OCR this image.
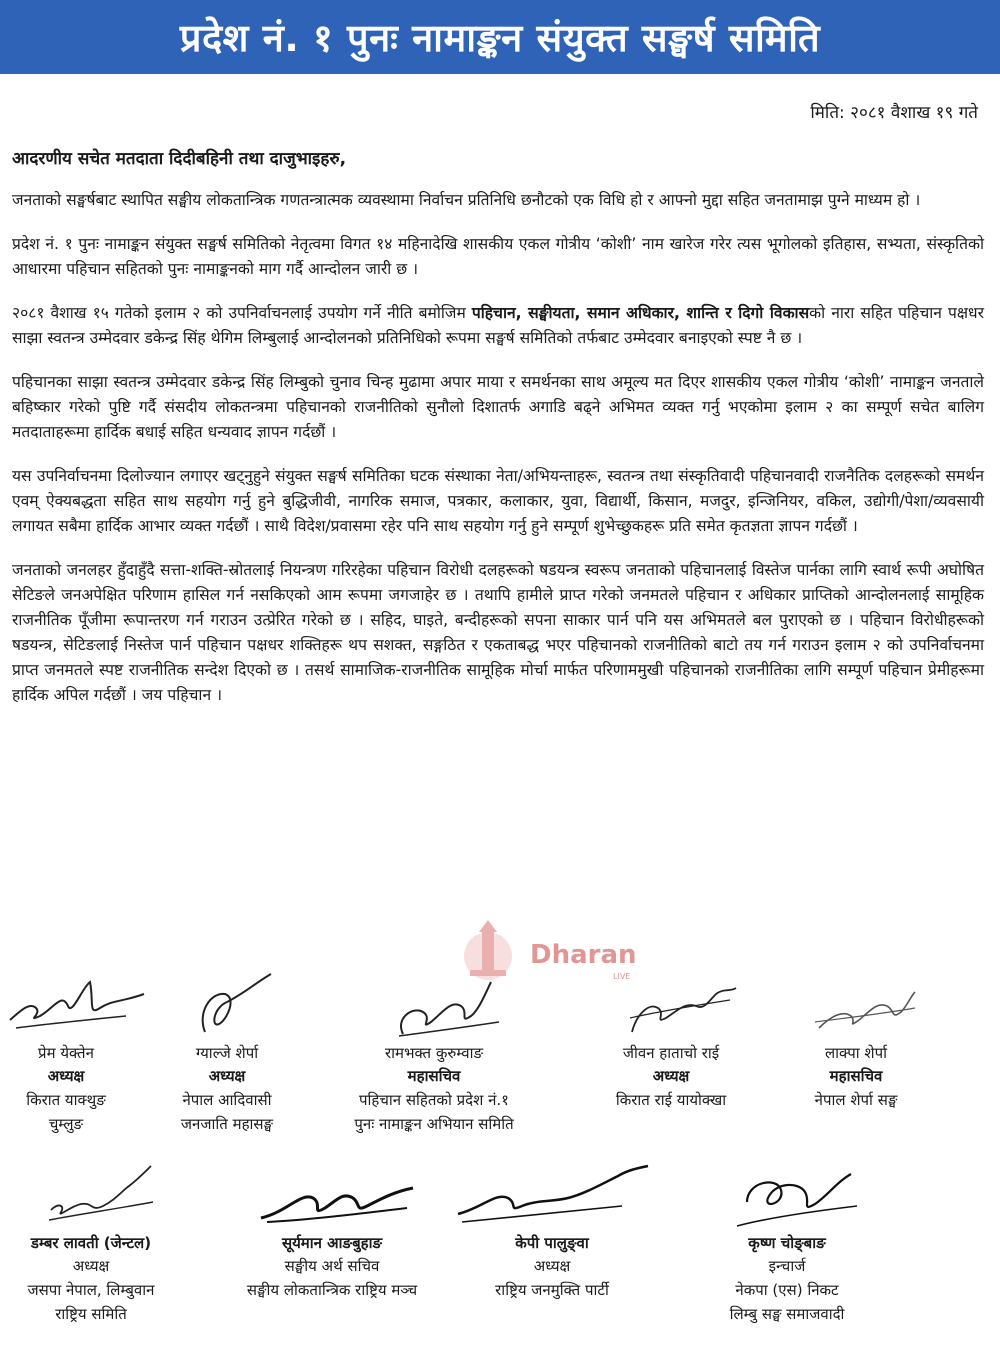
प्रदेश नं. १ पुनः नामाङ्कन संयुक्त सङ्घर्ष समिति
मिति: २०८१ वैशाख १९ गते
आदरणीय सचेत मतदाता दिदीबहिनी तथा दाजुभाइहरु,

जनताको सङ्घर्षबाट स्थापित सङ्घीय लोकतान्त्रिक गणतन्त्रात्मक व्यवस्थामा निर्वाचन प्रतिनिधि छनौटको एक विधि हो र आफ्नो मुद्दा सहित जनतामाझ पुग्ने माध्यम हो ।

प्रदेश नं. १ पुनः नामाङ्कन संयुक्त सङ्घर्ष समितिको नेतृत्वमा विगत १४ महिनादेखि शासकीय एकल गोत्रीय ‘कोशी’ नाम खारेज गरेर त्यस भूगोलको इतिहास, सभ्यता, संस्कृतिको आधारमा पहिचान सहितको पुनः नामाङ्कनको माग गर्दै आन्दोलन जारी छ ।

२०८१ वैशाख १५ गतेको इलाम २ को उपनिर्वाचनलाई उपयोग गर्ने नीति बमोजिम पहिचान, सङ्घीयता, समान अधिकार, शान्ति र दिगो विकासको नारा सहित पहिचान पक्षधर साझा स्वतन्त्र उम्मेदवार डकेन्द्र सिंह थेगिम लिम्बुलाई आन्दोलनको प्रतिनिधिको रूपमा सङ्घर्ष समितिको तर्फबाट उम्मेदवार बनाइएको स्पष्ट नै छ ।

पहिचानका साझा स्वतन्त्र उम्मेदवार डकेन्द्र सिंह लिम्बुको चुनाव चिन्ह मुढामा अपार माया र समर्थनका साथ अमूल्य मत दिएर शासकीय एकल गोत्रीय ‘कोशी’ नामाङ्कन जनताले बहिष्कार गरेको पुष्टि गर्दै संसदीय लोकतन्त्रमा पहिचानको राजनीतिको सुनौलो दिशातर्फ अगाडि बढ्ने अभिमत व्यक्त गर्नु भएकोमा इलाम २ का सम्पूर्ण सचेत बालिग मतदाताहरूमा हार्दिक बधाई सहित धन्यवाद ज्ञापन गर्दछौं ।

यस उपनिर्वाचनमा दिलोज्यान लगाएर खट्नुहुने संयुक्त सङ्घर्ष समितिका घटक संस्थाका नेता/अभियन्ताहरू, स्वतन्त्र तथा संस्कृतिवादी पहिचानवादी राजनैतिक दलहरूको समर्थन एवम् ऐक्यबद्धता सहित साथ सहयोग गर्नु हुने बुद्धिजीवी, नागरिक समाज, पत्रकार, कलाकार, युवा, विद्यार्थी, किसान, मजदुर, इन्जिनियर, वकिल, उद्योगी/पेशा/व्यवसायी लगायत सबैमा हार्दिक आभार व्यक्त गर्दछौं । साथै विदेश/प्रवासमा रहेर पनि साथ सहयोग गर्नु हुने सम्पूर्ण शुभेच्छुकहरू प्रति समेत कृतज्ञता ज्ञापन गर्दछौं ।

जनताको जनलहर हुँदाहुँदै सत्ता-शक्ति-स्रोतलाई नियन्त्रण गरिरहेका पहिचान विरोधी दलहरूको षडयन्त्र स्वरूप जनताको पहिचानलाई विस्तेज पार्नका लागि स्वार्थ रूपी अघोषित सेटिङले जनअपेक्षित परिणाम हासिल गर्न नसकिएको आम रूपमा जगजाहेर छ । तथापि हामीले प्राप्त गरेको जनमतले पहिचान र अधिकार प्राप्तिको आन्दोलनलाई सामूहिक राजनीतिक पूँजीमा रूपान्तरण गर्न गराउन उत्प्रेरित गरेको छ । सहिद, घाइते, बन्दीहरूको सपना साकार पार्न पनि यस अभिमतले बल पुराएको छ । पहिचान विरोधीहरूको षडयन्त्र, सेटिङलाई निस्तेज पार्न पहिचान पक्षधर शक्तिहरू थप सशक्त, सङ्गठित र एकताबद्ध भएर पहिचानको राजनीतिको बाटो तय गर्न गराउन इलाम २ को उपनिर्वाचनमा प्राप्त जनमतले स्पष्ट राजनीतिक सन्देश दिएको छ । तसर्थ सामाजिक-राजनीतिक सामूहिक मोर्चा मार्फत परिणाममुखी पहिचानको राजनीतिका लागि सम्पूर्ण पहिचान प्रेमीहरूमा हार्दिक अपिल गर्दछौं । जय पहिचान ।

Dharan
LIVE
प्रेम येक्तेन
अध्यक्ष
किरात याक्थुङ
चुम्लुङ
ग्याल्जे शेर्पा
अध्यक्ष
नेपाल आदिवासी
जनजाति महासङ्घ
रामभक्त कुरुम्वाङ
महासचिव
पहिचान सहितको प्रदेश नं.१
पुनः नामाङ्कन अभियान समिति
जीवन हाताचो राई
अध्यक्ष
किरात राई यायोक्खा
लाक्पा शेर्पा
महासचिव
नेपाल शेर्पा सङ्घ
डम्बर लावती (जेन्टल)
अध्यक्ष
जसपा नेपाल, लिम्बुवान
राष्ट्रिय समिति
सूर्यमान आङबुहाङ
सङ्घीय अर्थ सचिव
सङ्घीय लोकतान्त्रिक राष्ट्रिय मञ्च
केपी पालुङ्वा
अध्यक्ष
राष्ट्रिय जनमुक्ति पार्टी
कृष्ण चोङ्बाङ
इन्चार्ज
नेकपा (एस) निकट
लिम्बु सङ्घ समाजवादी
